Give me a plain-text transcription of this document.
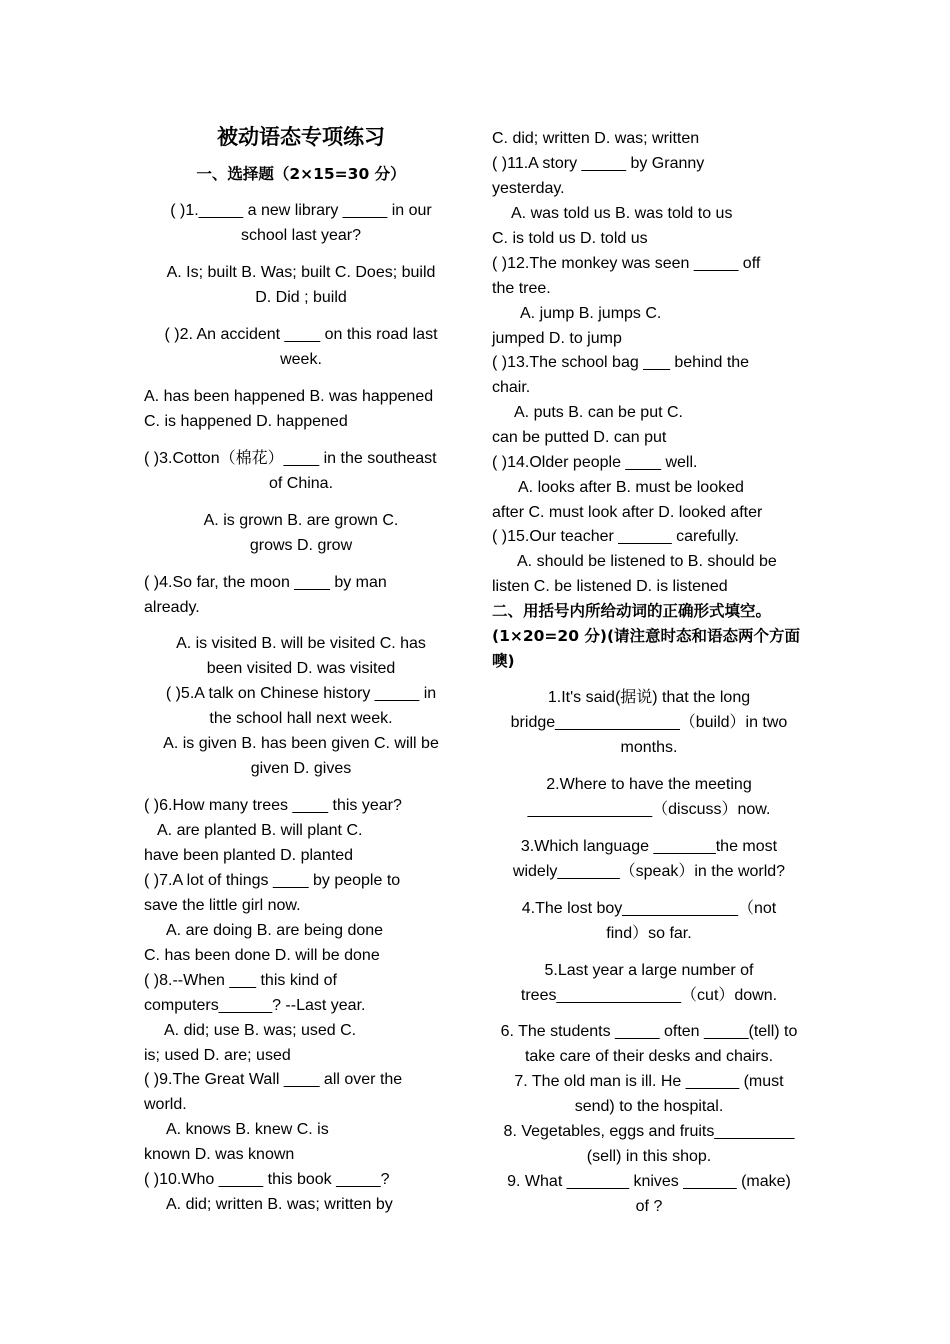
被动语态专项练习
一、选择题（2×15=30 分）
( )1._____ a new library _____ in our
school last year?
A. Is; built B. Was; built C. Does; build
D. Did ; build
( )2. An accident ____ on this road last
week.
A. has been happened B. was happened
C. is happened D. happened
( )3.Cotton（棉花）____ in the southeast
of China.
A. is grown B. are grown C.
grows D. grow
( )4.So far, the moon ____ by man
already.
A. is visited B. will be visited C. has
been visited D. was visited
( )5.A talk on Chinese history _____ in
the school hall next week.
A. is given B. has been given C. will be
given D. gives
( )6.How many trees ____ this year?
A. are planted B. will plant C.
have been planted D. planted
( )7.A lot of things ____ by people to
save the little girl now.
A. are doing B. are being done
C. has been done D. will be done
( )8.--When ___ this kind of
computers______? --Last year.
A. did; use B. was; used C.
is; used D. are; used
( )9.The Great Wall ____ all over the
world.
A. knows B. knew C. is
known D. was known
( )10.Who _____ this book _____?
A. did; written B. was; written by
C. did; written D. was; written
( )11.A story _____ by Granny
yesterday.
A. was told us B. was told to us
C. is told us D. told us
( )12.The monkey was seen _____ off
the tree.
A. jump B. jumps C.
jumped D. to jump
( )13.The school bag ___ behind the
chair.
A. puts B. can be put C.
can be putted D. can put
( )14.Older people ____ well.
A. looks after B. must be looked
after C. must look after D. looked after
( )15.Our teacher ______ carefully.
A. should be listened to B. should be
listen C. be listened D. is listened
二、用括号内所给动词的正确形式填空。
(1×20=20 分)(请注意时态和语态两个方面
噢)
1.It's said(据说) that the long
bridge______________（build）in two
months.
2.Where to have the meeting
______________（discuss）now.
3.Which language _______the most
widely_______（speak）in the world?
4.The lost boy_____________（not
find）so far.
5.Last year a large number of
trees______________（cut）down.
6. The students _____ often _____(tell) to
take care of their desks and chairs.
7. The old man is ill. He ______ (must
send) to the hospital.
8. Vegetables, eggs and fruits_________
(sell) in this shop.
9. What _______ knives ______ (make)
of ?
